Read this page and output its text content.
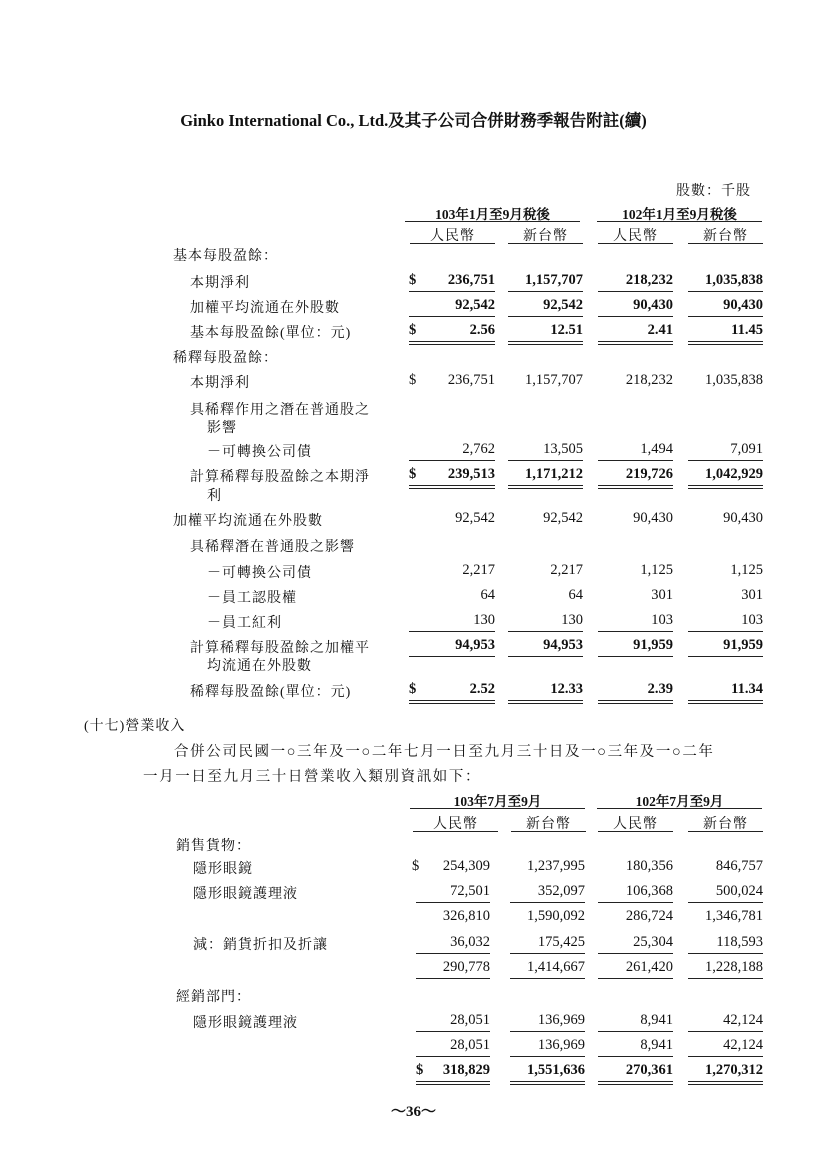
Ginko International Co., Ltd.及其子公司合併財務季報告附註(續)
股數：千股
103年1月至9月稅後	102年1月至9月稅後
人民幣	新台幣	人民幣	新台幣
基本每股盈餘：
本期淨利	$	236,751	1,157,707	218,232	1,035,838
加權平均流通在外股數	92,542	92,542	90,430	90,430
基本每股盈餘(單位：元)	$	2.56	12.51	2.41	11.45
稀釋每股盈餘：
本期淨利	$	236,751	1,157,707	218,232	1,035,838
具稀釋作用之潛在普通股之
影響
－可轉換公司債	2,762	13,505	1,494	7,091
計算稀釋每股盈餘之本期淨
利
$	239,513	1,171,212	219,726	1,042,929
加權平均流通在外股數	92,542	92,542	90,430	90,430
具稀釋潛在普通股之影響
－可轉換公司債	2,217	2,217	1,125	1,125
－員工認股權	64	64	301	301
－員工紅利	130	130	103	103
計算稀釋每股盈餘之加權平
均流通在外股數
94,953	94,953	91,959	91,959
稀釋每股盈餘(單位：元)	$	2.52	12.33	2.39	11.34
(十七)營業收入
合併公司民國一○三年及一○二年七月一日至九月三十日及一○三年及一○二年
一月一日至九月三十日營業收入類別資訊如下：
103年7月至9月	102年7月至9月
人民幣	新台幣	人民幣	新台幣
銷售貨物：
隱形眼鏡	$	254,309	1,237,995	180,356	846,757
隱形眼鏡護理液	72,501	352,097	106,368	500,024
326,810	1,590,092	286,724	1,346,781
減：銷貨折扣及折讓	36,032	175,425	25,304	118,593
290,778	1,414,667	261,420	1,228,188
經銷部門：
隱形眼鏡護理液	28,051	136,969	8,941	42,124
28,051	136,969	8,941	42,124
$	318,829	1,551,636	270,361	1,270,312
～36～
